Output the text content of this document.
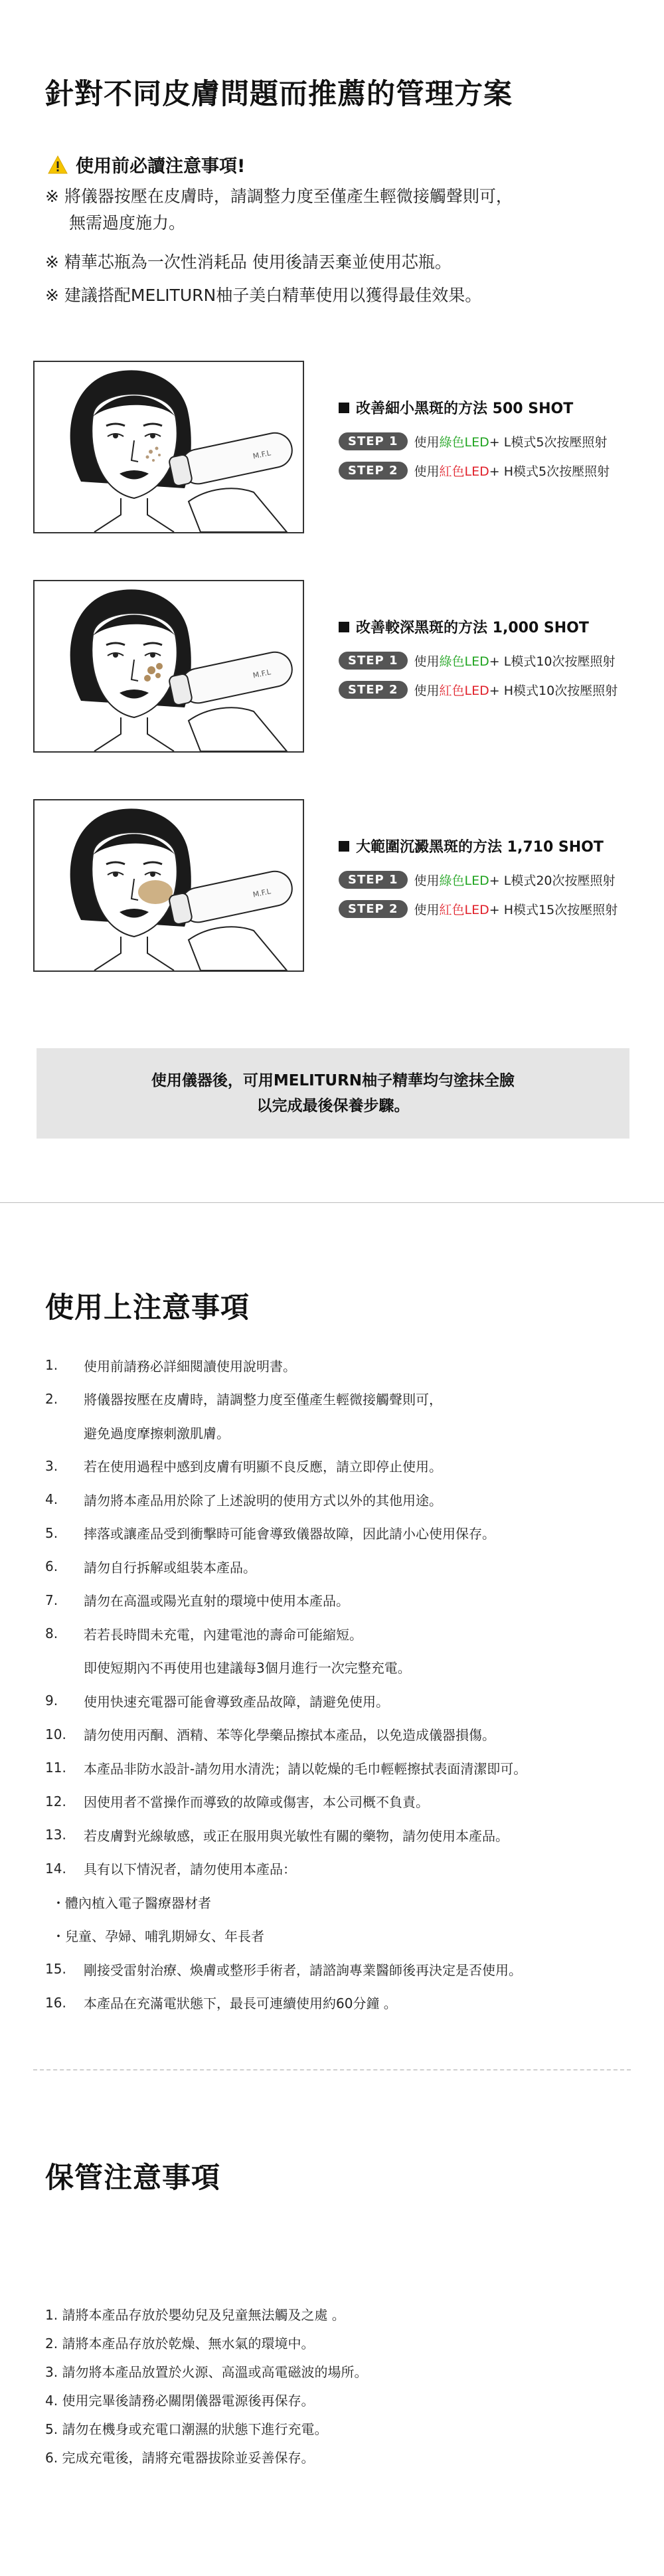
針對不同皮膚問題而推薦的管理方案
使用前必讀注意事項!
※ 將儀器按壓在皮膚時，請調整力度至僅產生輕微接觸聲則可，
無需過度施力。
※ 精華芯瓶為一次性消耗品 使用後請丟棄並使用芯瓶。
※ 建議搭配MELITURN柚子美白精華使用以獲得最佳效果。
M.F.L
改善細小黑斑的方法 500 SHOT
STEP 1	使用 綠色LED + L模式5次按壓照射
STEP 2	使用 紅色LED + H模式5次按壓照射
M.F.L
改善較深黑斑的方法 1,000 SHOT
STEP 1	使用 綠色LED + L模式10次按壓照射
STEP 2	使用 紅色LED + H模式10次按壓照射
M.F.L
大範圍沉澱黑斑的方法 1,710 SHOT
STEP 1	使用 綠色LED + L模式20次按壓照射
STEP 2	使用 紅色LED + H模式15次按壓照射
使用儀器後，可用MELITURN柚子精華均勻塗抹全臉
以完成最後保養步驟。
使用上注意事項
1.	使用前請務必詳細閱讀使用說明書。
2.	將儀器按壓在皮膚時，請調整力度至僅產生輕微接觸聲則可，
避免過度摩擦刺激肌膚。
3.	若在使用過程中感到皮膚有明顯不良反應，請立即停止使用。
4.	請勿將本產品用於除了上述說明的使用方式以外的其他用途。
5.	摔落或讓產品受到衝擊時可能會導致儀器故障，因此請小心使用保存。
6.	請勿自行拆解或組裝本產品。
7.	請勿在高溫或陽光直射的環境中使用本產品。
8.	若若長時間未充電，內建電池的壽命可能縮短。
即使短期內不再使用也建議每3個月進行一次完整充電。
9.	使用快速充電器可能會導致產品故障，請避免使用。
10.	請勿使用丙酮、酒精、苯等化學藥品擦拭本產品，以免造成儀器損傷。
11.	本產品非防水設計-請勿用水清洗；請以乾燥的毛巾輕輕擦拭表面清潔即可。
12.	因使用者不當操作而導致的故障或傷害，本公司概不負責。
13.	若皮膚對光線敏感，或正在服用與光敏性有關的藥物，請勿使用本產品。
14.	具有以下情況者，請勿使用本產品：
・體內植入電子醫療器材者
・兒童、孕婦、哺乳期婦女、年長者
15.	剛接受雷射治療、煥膚或整形手術者，請諮詢專業醫師後再決定是否使用。
16.	本產品在充滿電狀態下，最長可連續使用約60分鐘 。
保管注意事項
1. 請將本產品存放於嬰幼兒及兒童無法觸及之處 。
2. 請將本產品存放於乾燥、無水氣的環境中。
3. 請勿將本產品放置於火源、高溫或高電磁波的場所。
4. 使用完畢後請務必關閉儀器電源後再保存。
5. 請勿在機身或充電口潮濕的狀態下進行充電。
6. 完成充電後，請將充電器拔除並妥善保存。
